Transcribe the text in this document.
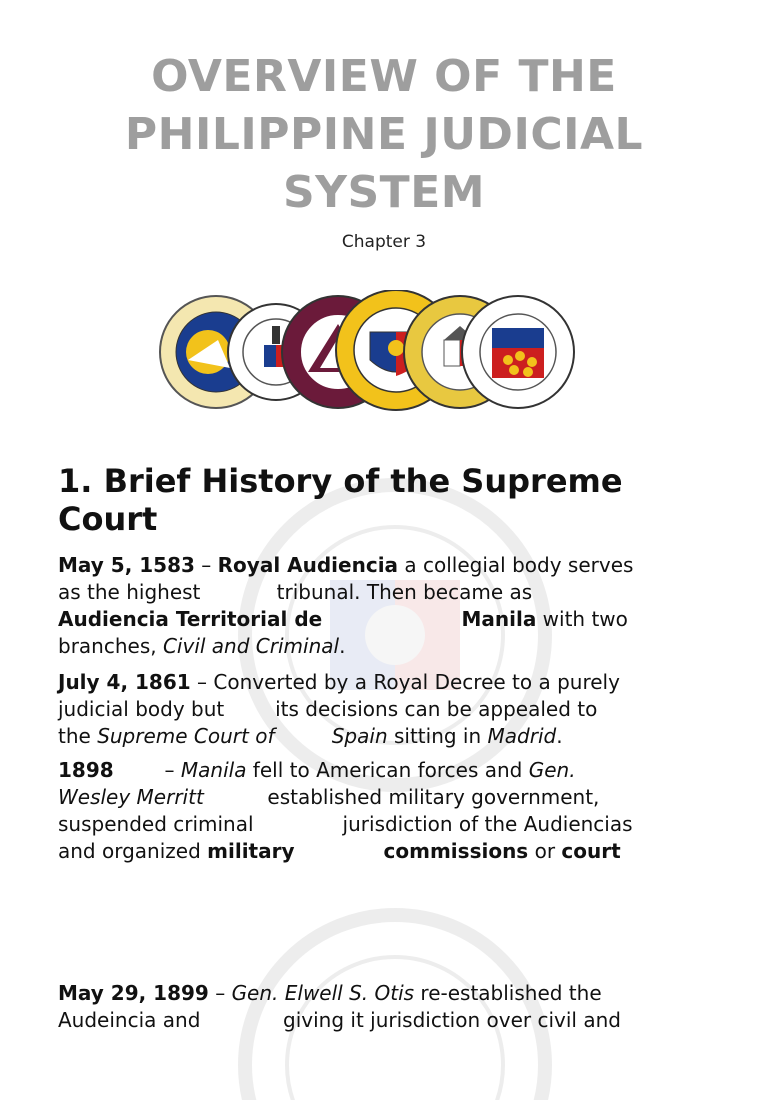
OVERVIEW OF THE
PHILIPPINE JUDICIAL
SYSTEM
Chapter 3
1. Brief History of the Supreme
Court
May 5, 1583 – Royal Audiencia a collegial body serves
as the highest            tribunal. Then became as
Audiencia Territorial de                    Manila with two
branches, Civil and Criminal.
July 4, 1861 – Converted by a Royal Decree to a purely
judicial body but        its decisions can be appealed to
the Supreme Court of	Spain sitting in Madrid.
1898        – Manila fell to American forces and Gen.
Wesley Merritt          established military government,
suspended criminal              jurisdiction of the Audiencias
and organized military	commissions or court
May 29, 1899 – Gen. Elwell S. Otis re-established the
Audeincia and             giving it jurisdiction over civil and
